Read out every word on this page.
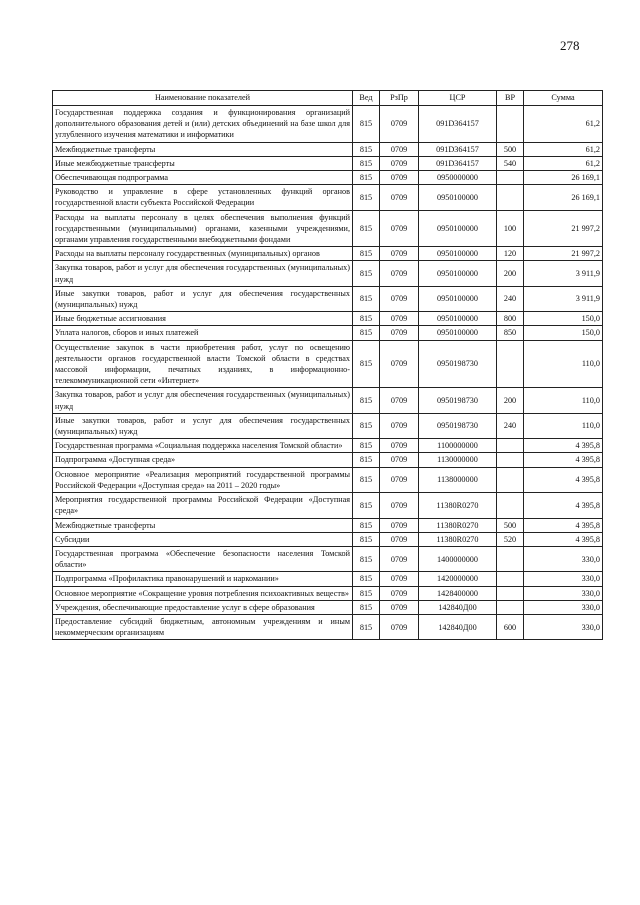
278
Наименование показателей	Вед	РзПр	ЦСР	ВР	Сумма
Государственная поддержка создания и функционирования организаций дополнительного образования детей и (или) детских объединений на базе школ для углубленного изучения математики и информатики	815	0709	091D364157		61,2
Межбюджетные трансферты	815	0709	091D364157	500	61,2
Иные межбюджетные трансферты	815	0709	091D364157	540	61,2
Обеспечивающая подпрограмма	815	0709	0950000000		26 169,1
Руководство и управление в сфере установленных функций органов государственной власти субъекта Российской Федерации	815	0709	0950100000		26 169,1
Расходы на выплаты персоналу в целях обеспечения выполнения функций государственными (муниципальными) органами, казенными учреждениями, органами управления государственными внебюджетными фондами	815	0709	0950100000	100	21 997,2
Расходы на выплаты персоналу государственных (муниципальных) органов	815	0709	0950100000	120	21 997,2
Закупка товаров, работ и услуг для обеспечения государственных (муниципальных) нужд	815	0709	0950100000	200	3 911,9
Иные закупки товаров, работ и услуг для обеспечения государственных (муниципальных) нужд	815	0709	0950100000	240	3 911,9
Иные бюджетные ассигнования	815	0709	0950100000	800	150,0
Уплата налогов, сборов и иных платежей	815	0709	0950100000	850	150,0
Осуществление закупок в части приобретения работ, услуг по освещению деятельности органов государственной власти Томской области в средствах массовой информации, печатных изданиях, в информационно-телекоммуникационной сети «Интернет»	815	0709	0950198730		110,0
Закупка товаров, работ и услуг для обеспечения государственных (муниципальных) нужд	815	0709	0950198730	200	110,0
Иные закупки товаров, работ и услуг для обеспечения государственных (муниципальных) нужд	815	0709	0950198730	240	110,0
Государственная программа «Социальная поддержка населения Томской области»	815	0709	1100000000		4 395,8
Подпрограмма «Доступная среда»	815	0709	1130000000		4 395,8
Основное мероприятие «Реализация мероприятий государственной программы Российской Федерации «Доступная среда» на 2011 – 2020 годы»	815	0709	1138000000		4 395,8
Мероприятия государственной программы Российской Федерации «Доступная среда»	815	0709	11380R0270		4 395,8
Межбюджетные трансферты	815	0709	11380R0270	500	4 395,8
Субсидии	815	0709	11380R0270	520	4 395,8
Государственная программа «Обеспечение безопасности населения Томской области»	815	0709	1400000000		330,0
Подпрограмма «Профилактика правонарушений и наркомании»	815	0709	1420000000		330,0
Основное мероприятие «Сокращение уровня потребления психоактивных веществ»	815	0709	1428400000		330,0
Учреждения, обеспечивающие предоставление услуг в сфере образования	815	0709	142840Д00		330,0
Предоставление субсидий бюджетным, автономным учреждениям и иным некоммерческим организациям	815	0709	142840Д00	600	330,0
